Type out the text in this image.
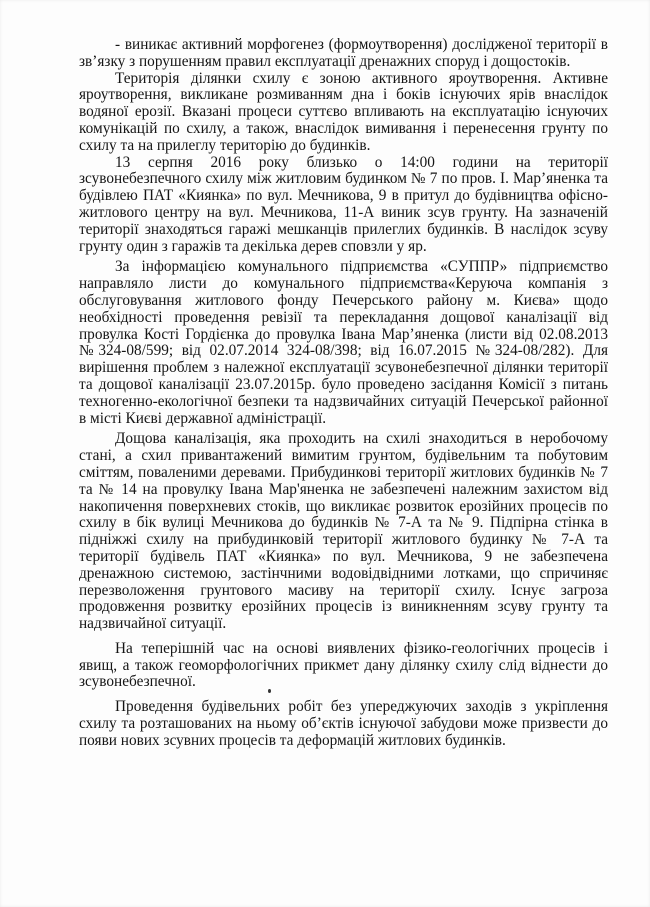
- виникає активний морфогенез (формоутворення) дослідженої території в зв’язку з порушенням правил експлуатації дренажних споруд і дощостоків.

Територія ділянки схилу є зоною активного яроутворення. Активне яроутворення, викликане розмиванням дна і боків існуючих ярів внаслідок водяної ерозії. Вказані процеси суттєво впливають на експлуатацію існуючих комунікацій по схилу, а також, внаслідок вимивання і перенесення грунту по схилу та на прилеглу територію до будинків.

13 серпня 2016 року близько о 14:00 години на території зсувонебезпечного схилу між житловим будинком № 7 по пров. І. Мар’яненка та будівлею ПАТ «Киянка» по вул. Мечникова, 9 в притул до будівництва офісно-житлового центру на вул. Мечникова, 11-А виник зсув грунту. На зазначеній території знаходяться гаражі мешканців прилеглих будинків. В наслідок зсуву грунту один з гаражів та декілька дерев сповзли у яр.

За інформацією комунального підприємства «СУППР» підприємство направляло листи до комунального підприємства«Керуюча компанія з обслуговування житлового фонду Печерського району м. Києва» щодо необхідності проведення ревізії та перекладання дощової каналізації від провулка Кості Гордієнка до провулка Івана Мар’яненка (листи від 02.08.2013 №324-08/599; від 02.07.2014 324-08/398; від 16.07.2015 №324-08/282). Для вирішення проблем з належної експлуатації зсувонебезпечної ділянки території та дощової каналізації 23.07.2015р. було проведено засідання Комісії з питань техногенно-екологічної безпеки та надзвичайних ситуацій Печерської районної в місті Києві державної адміністрації.

Дощова каналізація, яка проходить на схилі знаходиться в неробочому стані, а схил привантажений вимитим грунтом, будівельним та побутовим сміттям, поваленими деревами. Прибудинкові території житлових будинків № 7 та № 14 на провулку Івана Мар'яненка не забезпечені належним захистом від накопичення поверхневих стоків, що викликає розвиток ерозійних процесів по схилу в бік вулиці Мечникова до будинків № 7-А та № 9. Підпірна стінка в підніжжі схилу на прибудинковій території житлового будинку № 7-А та території будівель ПАТ «Киянка» по вул. Мечникова, 9 не забезпечена дренажною системою, застінчними водовідвідними лотками, що спричиняє перезволоження грунтового масиву на території схилу. Існує загроза продовження розвитку ерозійних процесів із виникненням зсуву грунту та надзвичайної ситуації.

На теперішній час на основі виявлених фізико-геологічних процесів і явищ, а також геоморфологічних прикмет дану ділянку схилу слід віднести до зсувонебезпечної.

Проведення будівельних робіт без упереджуючих заходів з укріплення схилу та розташованих на ньому об’єктів існуючої забудови може призвести до появи нових зсувних процесів та деформацій житлових будинків.
